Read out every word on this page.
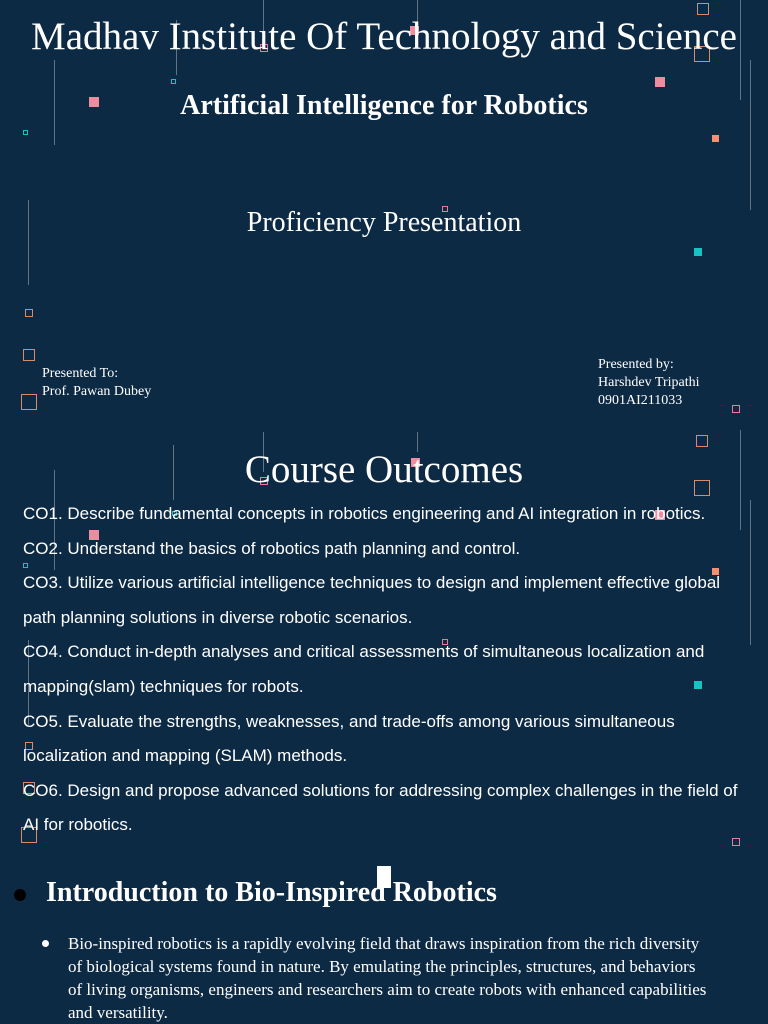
Madhav Institute Of Technology and Science
Artificial Intelligence for Robotics
Proficiency Presentation
Presented To:
Prof. Pawan Dubey
Presented by:
Harshdev Tripathi
0901AI211033
Course Outcomes

CO1. Describe fundamental concepts in robotics engineering and AI integration in robotics.

CO2. Understand the basics of robotics path planning and control.

CO3. Utilize various artificial intelligence techniques to design and implement effective global path planning solutions in diverse robotic scenarios.

CO4. Conduct in-depth analyses and critical assessments of simultaneous localization and mapping(slam) techniques for robots.

CO5. Evaluate the strengths, weaknesses, and trade-offs among various simultaneous localization and mapping (SLAM) methods.

CO6. Design and propose advanced solutions for addressing complex challenges in the field of AI for robotics.

Introduction to Bio-Inspired Robotics
Bio-inspired robotics is a rapidly evolving field that draws inspiration from the rich diversity of biological systems found in nature. By emulating the principles, structures, and behaviors of living organisms, engineers and researchers aim to create robots with enhanced capabilities and versatility.
